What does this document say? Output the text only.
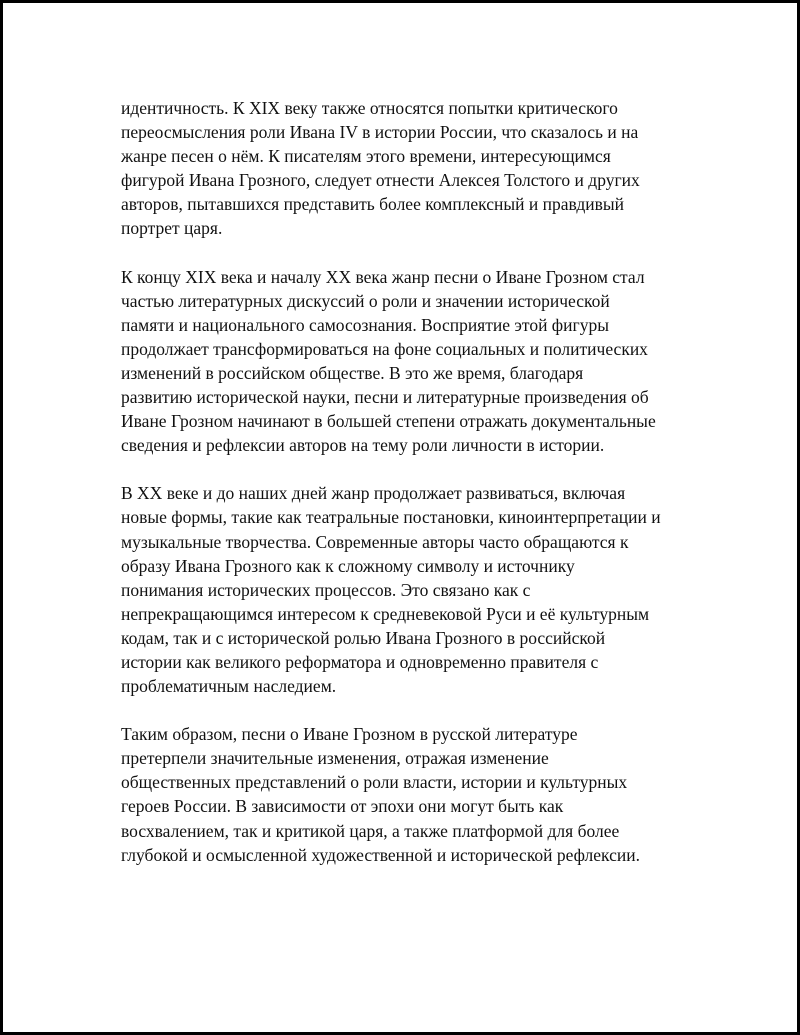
идентичность. К XIX веку также относятся попытки критического
переосмысления роли Ивана IV в истории России, что сказалось и на
жанре песен о нём. К писателям этого времени, интересующимся
фигурой Ивана Грозного, следует отнести Алексея Толстого и других
авторов, пытавшихся представить более комплексный и правдивый
портрет царя.

К концу XIX века и началу XX века жанр песни о Иване Грозном стал
частью литературных дискуссий о роли и значении исторической
памяти и национального самосознания. Восприятие этой фигуры
продолжает трансформироваться на фоне социальных и политических
изменений в российском обществе. В это же время, благодаря
развитию исторической науки, песни и литературные произведения об
Иване Грозном начинают в большей степени отражать документальные
сведения и рефлексии авторов на тему роли личности в истории.

В XX веке и до наших дней жанр продолжает развиваться, включая
новые формы, такие как театральные постановки, киноинтерпретации и
музыкальные творчества. Современные авторы часто обращаются к
образу Ивана Грозного как к сложному символу и источнику
понимания исторических процессов. Это связано как с
непрекращающимся интересом к средневековой Руси и её культурным
кодам, так и с исторической ролью Ивана Грозного в российской
истории как великого реформатора и одновременно правителя с
проблематичным наследием.

Таким образом, песни о Иване Грозном в русской литературе
претерпели значительные изменения, отражая изменение
общественных представлений о роли власти, истории и культурных
героев России. В зависимости от эпохи они могут быть как
восхвалением, так и критикой царя, а также платформой для более
глубокой и осмысленной художественной и исторической рефлексии.
